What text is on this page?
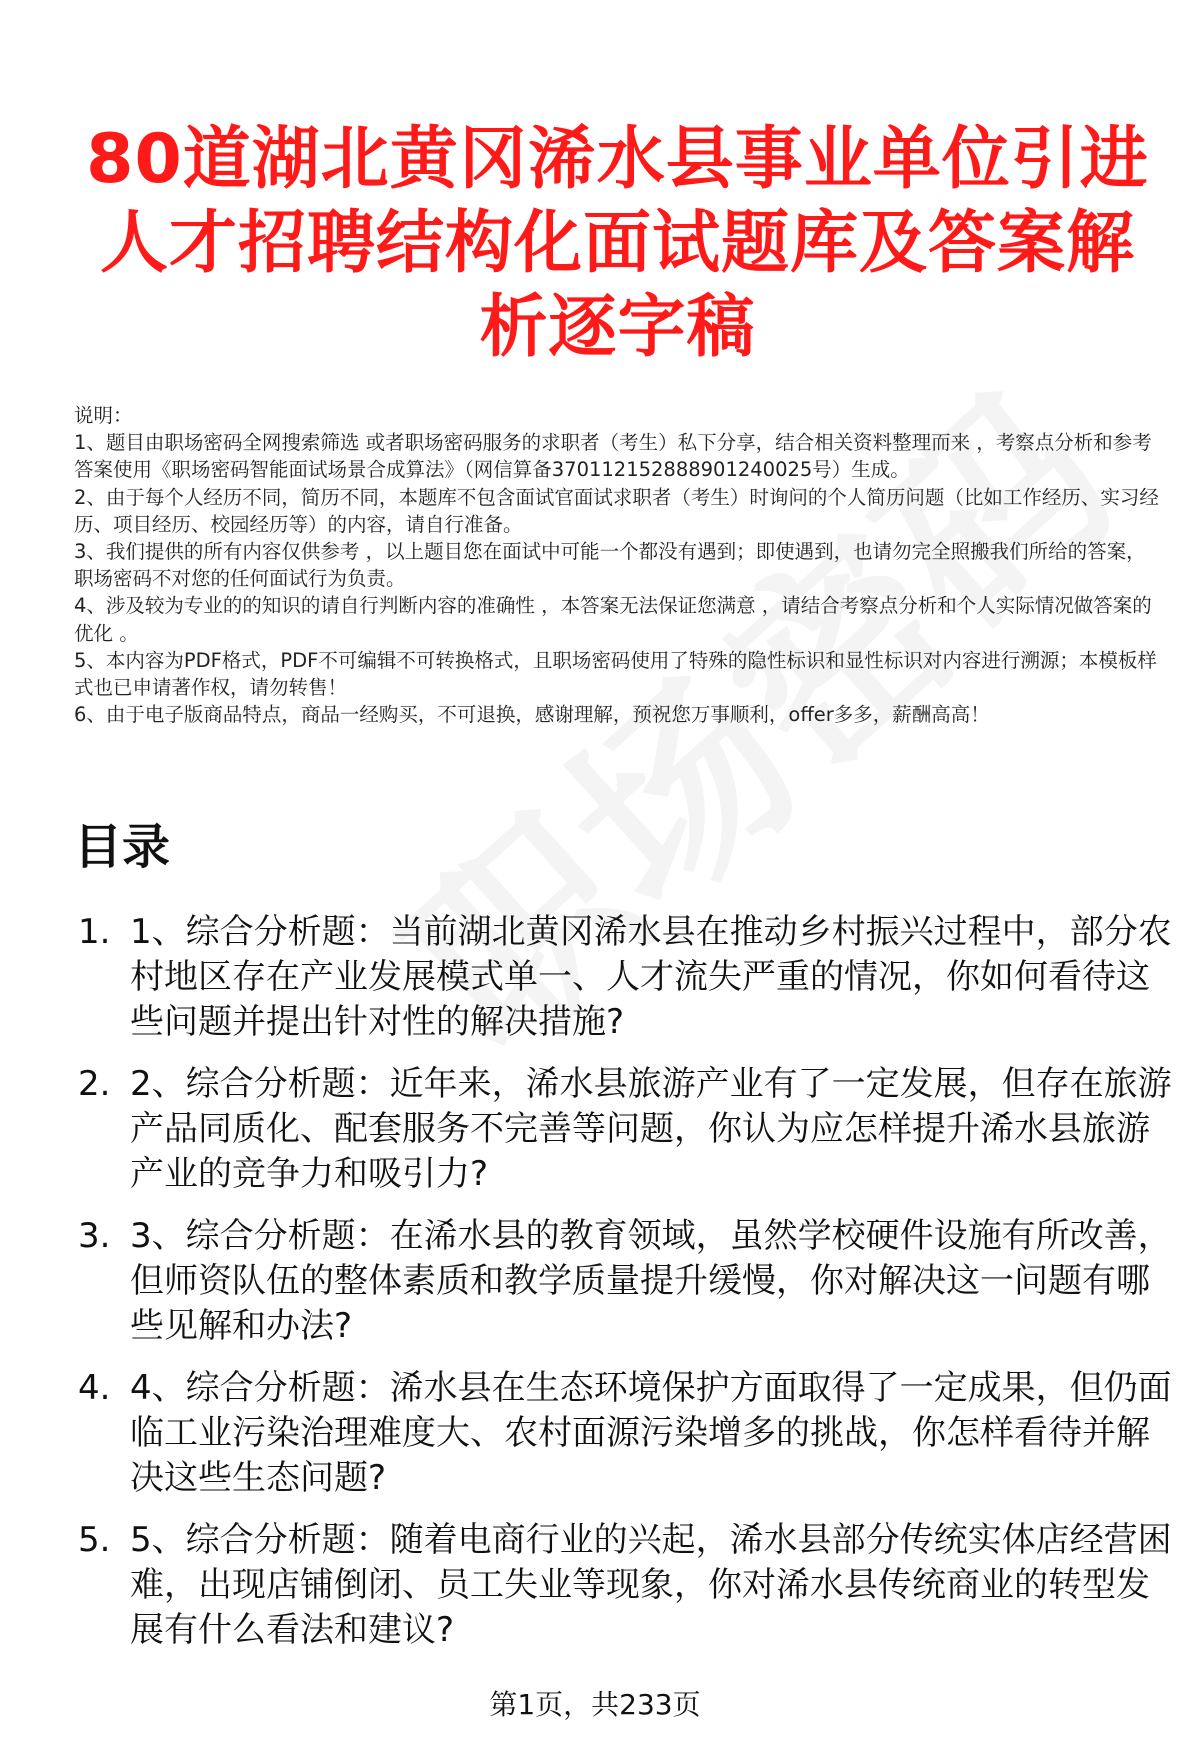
80道湖北黄冈浠水县事业单位引进人才招聘结构化面试题库及答案解析逐字稿
说明：
1、题目由职场密码全网搜索筛选 或者职场密码服务的求职者（考生）私下分享，结合相关资料整理而来 ，考察点分析和参考答案使用《职场密码智能面试场景合成算法》（网信算备370112152888901240025号）生成。
2、由于每个人经历不同，简历不同，本题库不包含面试官面试求职者（考生）时询问的个人简历问题（比如工作经历、实习经历、项目经历、校园经历等）的内容，请自行准备。
3、我们提供的所有内容仅供参考 ，以上题目您在面试中可能一个都没有遇到；即使遇到，也请勿完全照搬我们所给的答案，职场密码不对您的任何面试行为负责。
4、涉及较为专业的的知识的请自行判断内容的准确性 ，本答案无法保证您满意 ，请结合考察点分析和个人实际情况做答案的优化 。
5、本内容为PDF格式，PDF不可编辑不可转换格式，且职场密码使用了特殊的隐性标识和显性标识对内容进行溯源；本模板样式也已申请著作权，请勿转售！
6、由于电子版商品特点，商品一经购买，不可退换，感谢理解，预祝您万事顺利，offer多多，薪酬高高！
目录
1. 1、综合分析题：当前湖北黄冈浠水县在推动乡村振兴过程中，部分农村地区存在产业发展模式单一、人才流失严重的情况，你如何看待这些问题并提出针对性的解决措施?
2. 2、综合分析题：近年来，浠水县旅游产业有了一定发展，但存在旅游产品同质化、配套服务不完善等问题，你认为应怎样提升浠水县旅游产业的竞争力和吸引力?
3. 3、综合分析题：在浠水县的教育领域，虽然学校硬件设施有所改善，但师资队伍的整体素质和教学质量提升缓慢，你对解决这一问题有哪些见解和办法?
4. 4、综合分析题：浠水县在生态环境保护方面取得了一定成果，但仍面临工业污染治理难度大、农村面源污染增多的挑战，你怎样看待并解决这些生态问题?
5. 5、综合分析题：随着电商行业的兴起，浠水县部分传统实体店经营困难，出现店铺倒闭、员工失业等现象，你对浠水县传统商业的转型发展有什么看法和建议?
第1页，共233页
